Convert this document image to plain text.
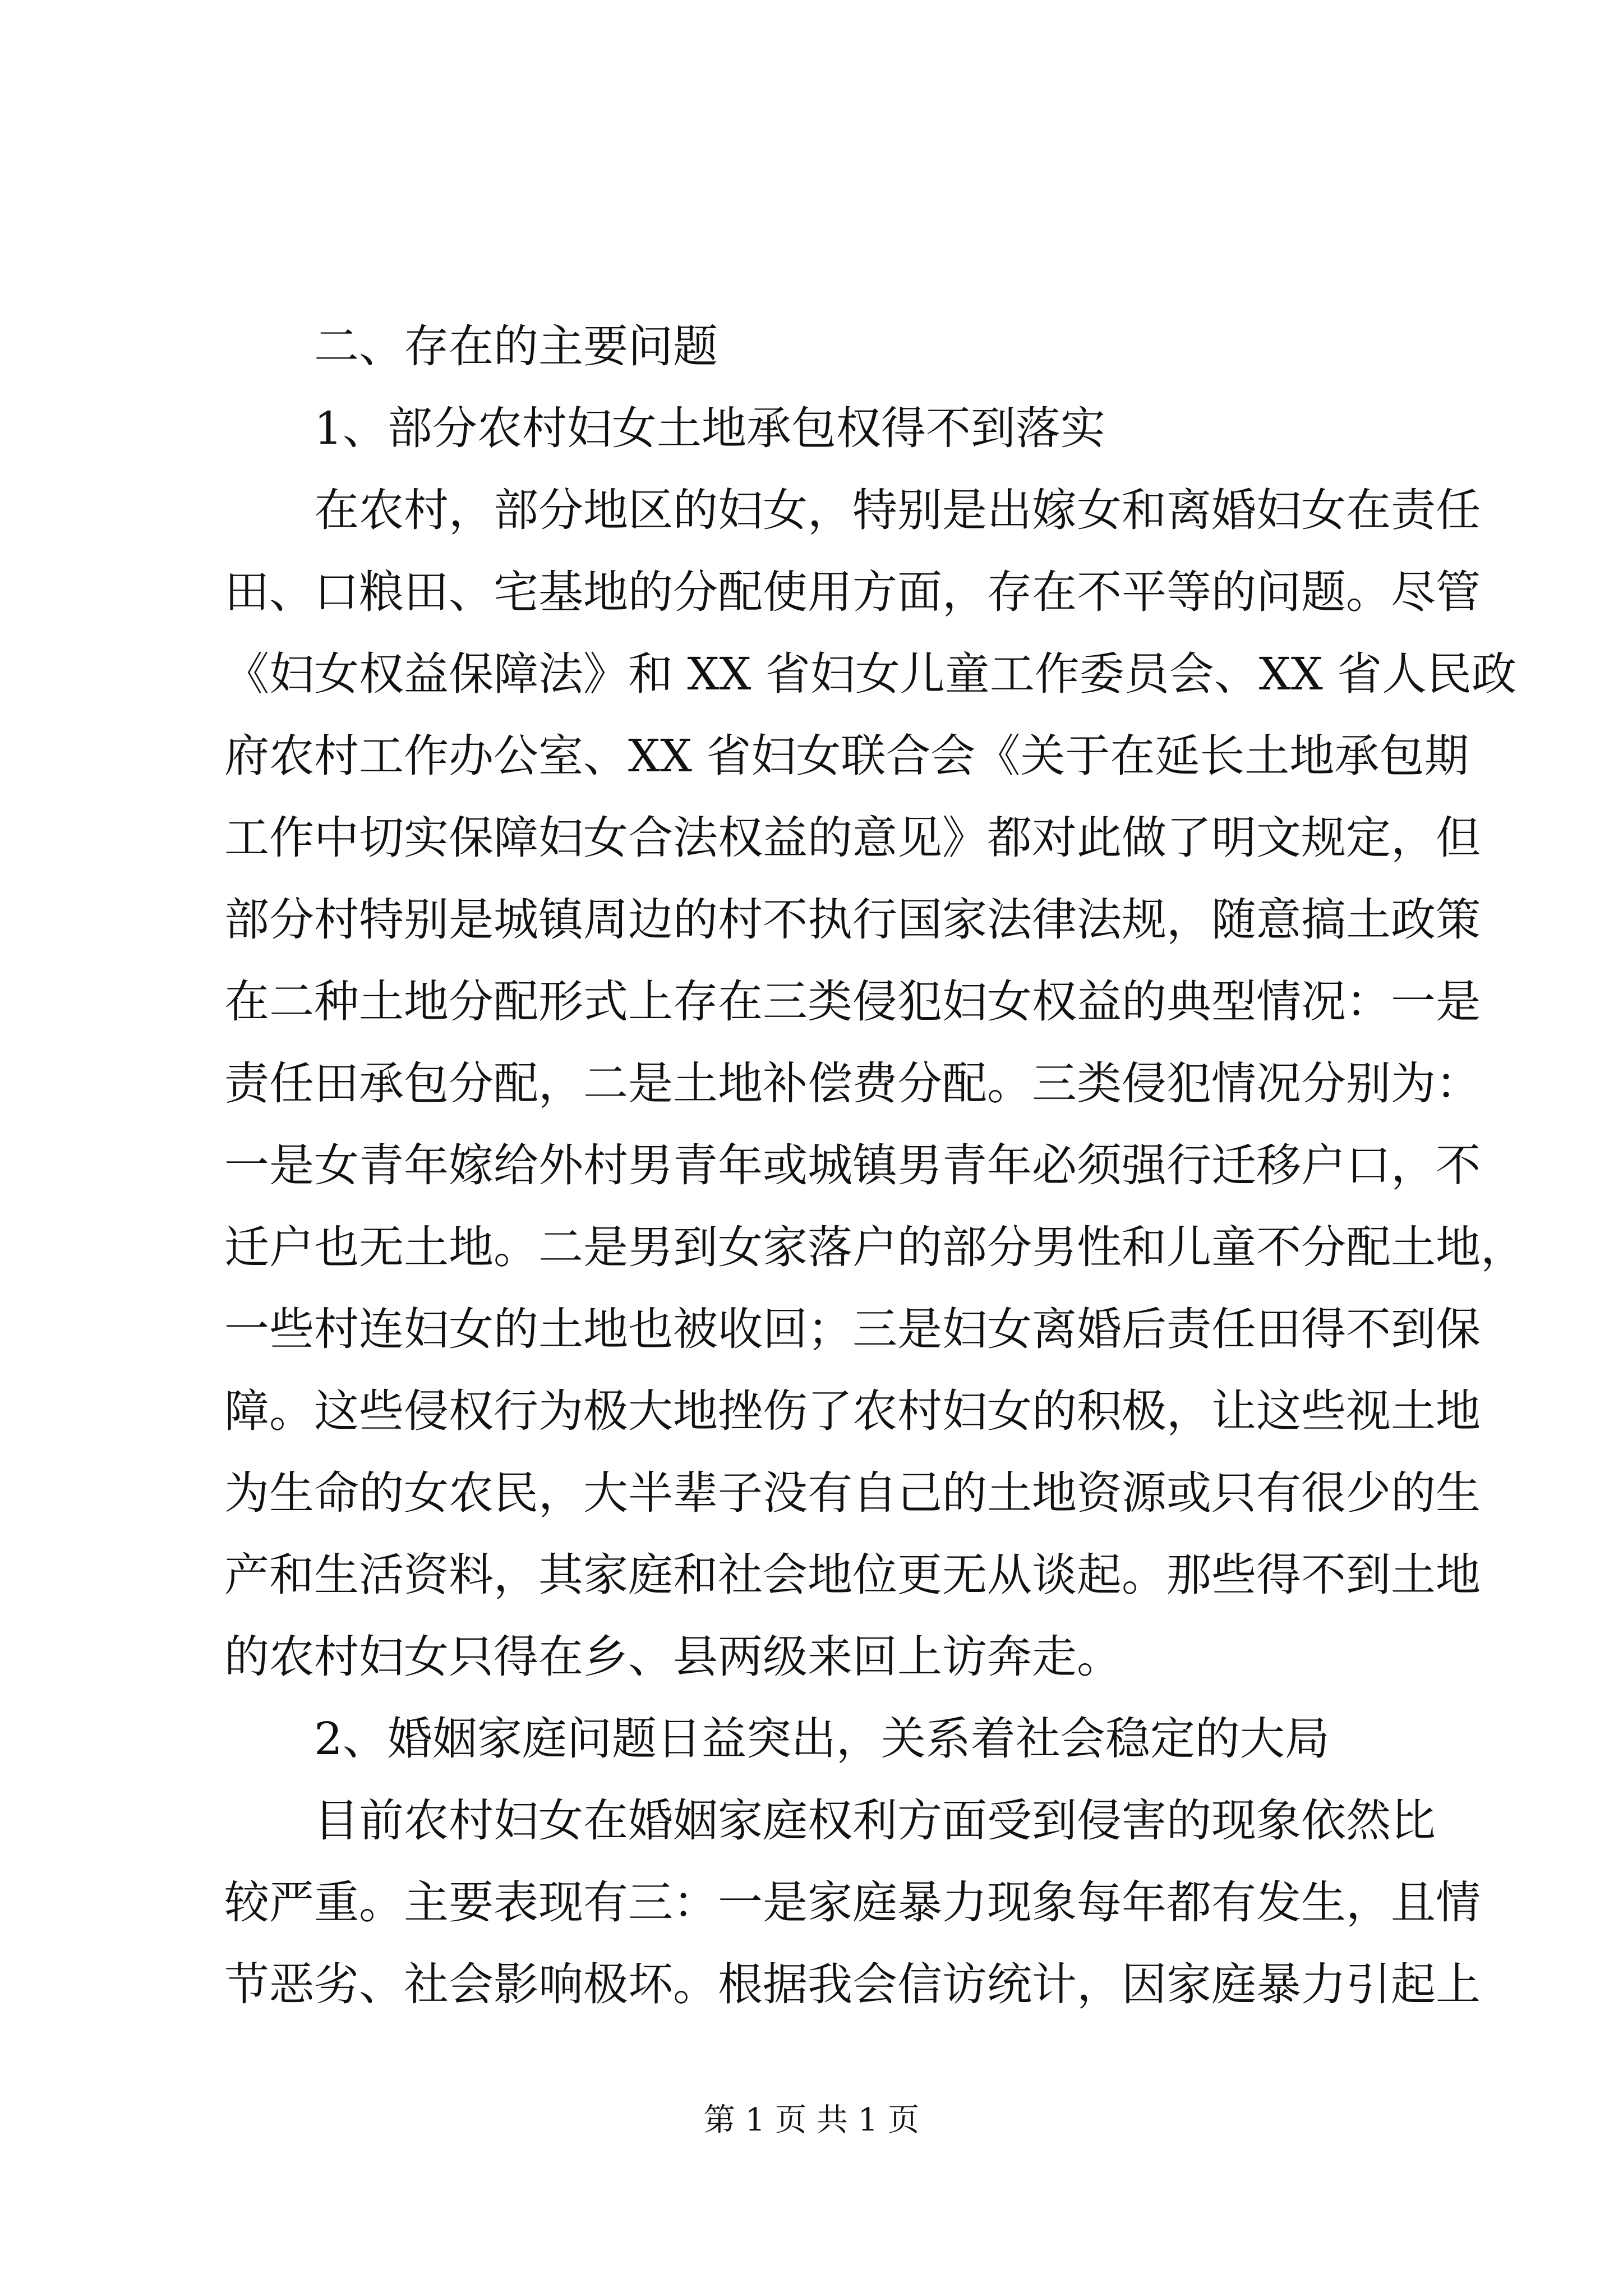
二、存在的主要问题
1、部分农村妇女土地承包权得不到落实
在农村，部分地区的妇女，特别是出嫁女和离婚妇女在责任
田、口粮田、宅基地的分配使用方面，存在不平等的问题。尽管
《妇女权益保障法》和 XX 省妇女儿童工作委员会、XX 省人民政
府农村工作办公室、XX 省妇女联合会《关于在延长土地承包期
工作中切实保障妇女合法权益的意见》都对此做了明文规定，但
部分村特别是城镇周边的村不执行国家法律法规，随意搞土政策
在二种土地分配形式上存在三类侵犯妇女权益的典型情况：一是
责任田承包分配，二是土地补偿费分配。三类侵犯情况分别为：
一是女青年嫁给外村男青年或城镇男青年必须强行迁移户口，不
迁户也无土地。二是男到女家落户的部分男性和儿童不分配土地，
一些村连妇女的土地也被收回；三是妇女离婚后责任田得不到保
障。这些侵权行为极大地挫伤了农村妇女的积极，让这些视土地
为生命的女农民，大半辈子没有自己的土地资源或只有很少的生
产和生活资料，其家庭和社会地位更无从谈起。那些得不到土地
的农村妇女只得在乡、县两级来回上访奔走。
2、婚姻家庭问题日益突出，关系着社会稳定的大局
目前农村妇女在婚姻家庭权利方面受到侵害的现象依然比
较严重。主要表现有三：一是家庭暴力现象每年都有发生，且情
节恶劣、社会影响极坏。根据我会信访统计，因家庭暴力引起上
第 1 页 共 1 页
